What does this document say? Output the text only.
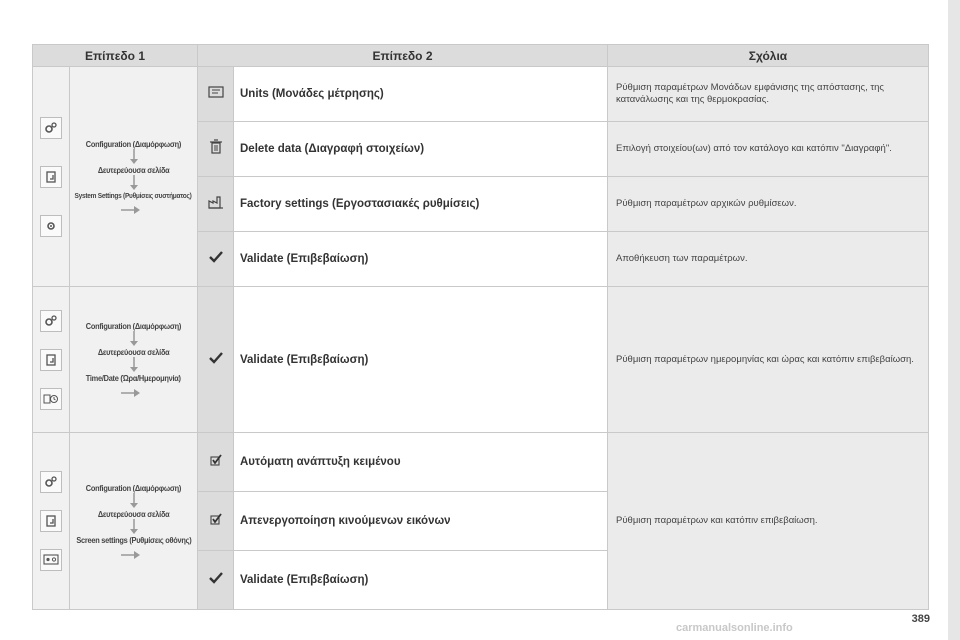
Επίπεδο 1		Επίπεδο 2		Σχόλια

Configuration (Διαμόρφωση)
Δευτερεύουσα σελίδα
System Settings (Ρυθμίσεις συστήματος)		Units (Μονάδες μέτρησης)	Ρύθμιση παραμέτρων Μονάδων εμφάνισης της απόστασης, της κατανάλωσης και της θερμοκρασίας.
	Delete data (Διαγραφή στοιχείων)	Επιλογή στοιχείου(ων) από τον κατάλογο και κατόπιν "Διαγραφή".
	Factory settings (Εργοστασιακές ρυθμίσεις)	Ρύθμιση παραμέτρων αρχικών ρυθμίσεων.
	Validate (Επιβεβαίωση)	Αποθήκευση των παραμέτρων.

Configuration (Διαμόρφωση)
Δευτερεύουσα σελίδα
Time/Date (Ώρα/Ημερομηνία)		Validate (Επιβεβαίωση)	Ρύθμιση παραμέτρων ημερομηνίας και ώρας και κατόπιν επιβεβαίωση.

Configuration (Διαμόρφωση)
Δευτερεύουσα σελίδα
Screen settings (Ρυθμίσεις οθόνης)		Αυτόματη ανάπτυξη κειμένου	Ρύθμιση παραμέτρων και κατόπιν επιβεβαίωση.
	Απενεργοποίηση κινούμενων εικόνων	
	Validate (Επιβεβαίωση)	
carmanualsonline.info
389
